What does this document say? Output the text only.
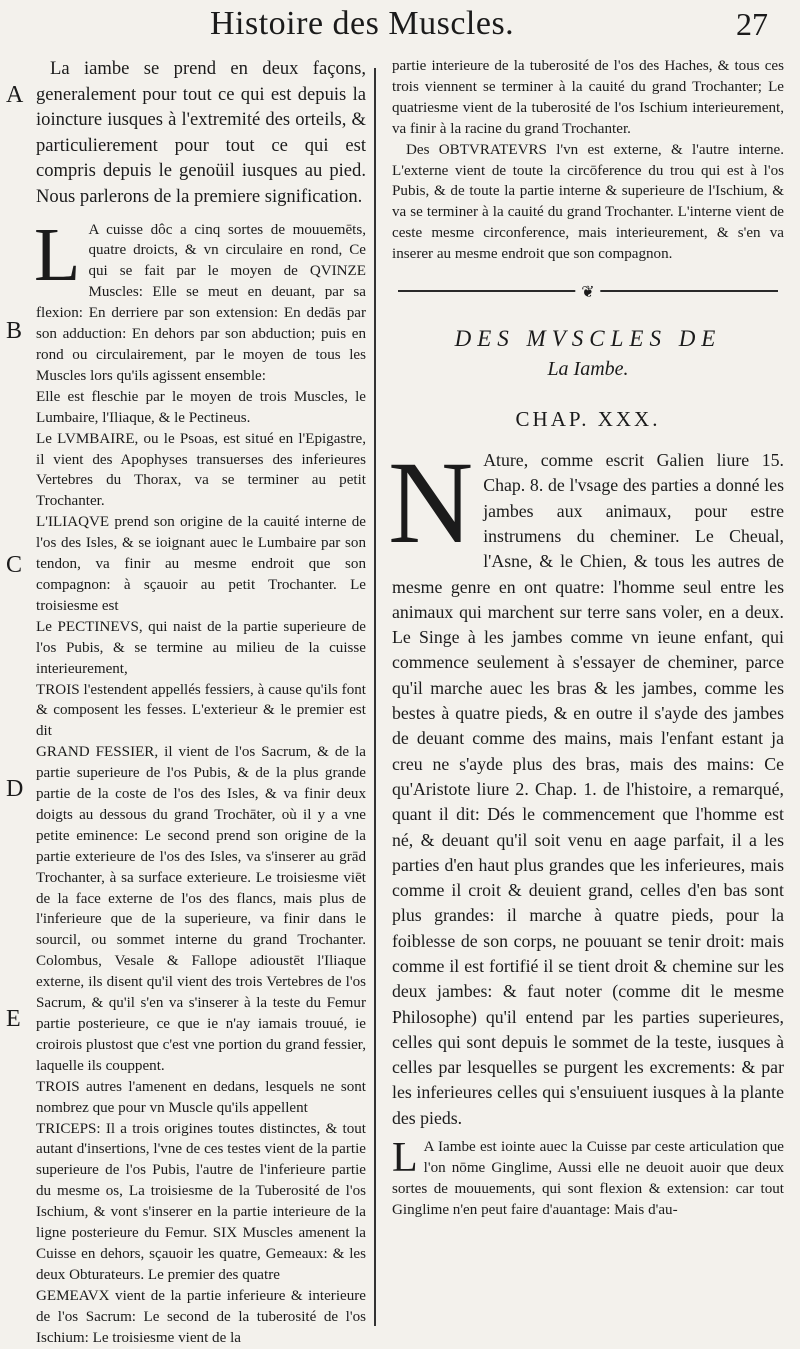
Histoire des Muscles.	27
A
B
C
D
E

La iambe se prend en deux façons, generalement pour tout ce qui est depuis la ioincture iusques à l'extremité des orteils, & particulierement pour tout ce qui est compris depuis le genoüil iusques au pied. Nous parlerons de la premiere signification.

L A cuisse dôc a cinq sortes de mouuemēts, quatre droicts, & vn circulaire en rond, Ce qui se fait par le moyen de QVINZE Muscles: Elle se meut en deuant, par sa flexion: En derriere par son extension: En dedās par son adduction: En dehors par son abduction; puis en rond ou circulairement, par le moyen de tous les Muscles lors qu'ils agissent ensemble:

Elle est fleschie par le moyen de trois Muscles, le Lumbaire, l'Iliaque, & le Pectineus.

Le LVMBAIRE, ou le Psoas, est situé en l'Epigastre, il vient des Apophyses transuerses des inferieures Vertebres du Thorax, va se terminer au petit Trochanter.

L'ILIAQVE prend son origine de la cauité interne de l'os des Isles, & se ioignant auec le Lumbaire par son tendon, va finir au mesme endroit que son compagnon: à sçauoir au petit Trochanter. Le troisiesme est

Le PECTINEVS, qui naist de la partie superieure de l'os Pubis, & se termine au milieu de la cuisse interieurement,

TROIS l'estendent appellés fessiers, à cause qu'ils font & composent les fesses. L'exterieur & le premier est dit

GRAND FESSIER, il vient de l'os Sacrum, & de la partie superieure de l'os Pubis, & de la plus grande partie de la coste de l'os des Isles, & va finir deux doigts au dessous du grand Trochāter, où il y a vne petite eminence: Le second prend son origine de la partie exterieure de l'os des Isles, va s'inserer au grād Trochanter, à sa surface exterieure. Le troisiesme viēt de la face externe de l'os des flancs, mais plus de l'inferieure que de la superieure, va finir dans le sourcil, ou sommet interne du grand Trochanter. Colombus, Vesale & Fallope adioustēt l'Iliaque externe, ils disent qu'il vient des trois Vertebres de l'os Sacrum, & qu'il s'en va s'inserer à la teste du Femur partie posterieure, ce que ie n'ay iamais trouué, ie croirois plustost que c'est vne portion du grand fessier, laquelle ils couppent.

TROIS autres l'amenent en dedans, lesquels ne sont nombrez que pour vn Muscle qu'ils appellent

TRICEPS: Il a trois origines toutes distinctes, & tout autant d'insertions, l'vne de ces testes vient de la partie superieure de l'os Pubis, l'autre de l'inferieure partie du mesme os, La troisiesme de la Tuberosité de l'os Ischium, & vont s'inserer en la partie interieure de la ligne posterieure du Femur. SIX Muscles amenent la Cuisse en dehors, sçauoir les quatre, Gemeaux: & les deux Obturateurs. Le premier des quatre

GEMEAVX vient de la partie inferieure & interieure de l'os Sacrum: Le second de la tuberosité de l'os Ischium: Le troisiesme vient de la

partie interieure de la tuberosité de l'os des Haches, & tous ces trois viennent se terminer à la cauité du grand Trochanter; Le quatriesme vient de la tuberosité de l'os Ischium interieurement, va finir à la racine du grand Trochanter.

Des OBTVRATEVRS l'vn est externe, & l'autre interne. L'externe vient de toute la circōference du trou qui est à l'os Pubis, & de toute la partie interne & superieure de l'Ischium, & va se terminer à la cauité du grand Trochanter. L'interne vient de ceste mesme circonference, mais interieurement, & s'en va inserer au mesme endroit que son compagnon.

❦
DES MVSCLES DE
La Iambe.
CHAP. XXX.
N Ature, comme escrit Galien liure 15. Chap. 8. de l'vsage des parties a donné les jambes aux animaux, pour estre instrumens du cheminer. Le Cheual, l'Asne, & le Chien, & tous les autres de mesme genre en ont quatre: l'homme seul entre les animaux qui marchent sur terre sans voler, en a deux. Le Singe à les jambes comme vn ieune enfant, qui commence seulement à s'essayer de cheminer, parce qu'il marche auec les bras & les jambes, comme les bestes à quatre pieds, & en outre il s'ayde des jambes de deuant comme des mains, mais l'enfant estant ja creu ne s'ayde plus des bras, mais des mains: Ce qu'Aristote liure 2. Chap. 1. de l'histoire, a remarqué, quant il dit: Dés le commencement que l'homme est né, & deuant qu'il soit venu en aage parfait, il a les parties d'en haut plus grandes que les inferieures, mais comme il croit & deuient grand, celles d'en bas sont plus grandes: il marche à quatre pieds, pour la foiblesse de son corps, ne pouuant se tenir droit: mais comme il est fortifié il se tient droit & chemine sur les deux jambes: & faut noter (comme dit le mesme Philosophe) qu'il entend par les parties superieures, celles qui sont depuis le sommet de la teste, iusques à celles par lesquelles se purgent les excrements: & par les inferieures celles qui s'ensuiuent iusques à la plante des pieds.

L A Iambe est iointe auec la Cuisse par ceste articulation que l'on nōme Ginglime, Aussi elle ne deuoit auoir que deux sortes de mouuements, qui sont flexion & extension: car tout Ginglime n'en peut faire d'auantage: Mais d'au-
